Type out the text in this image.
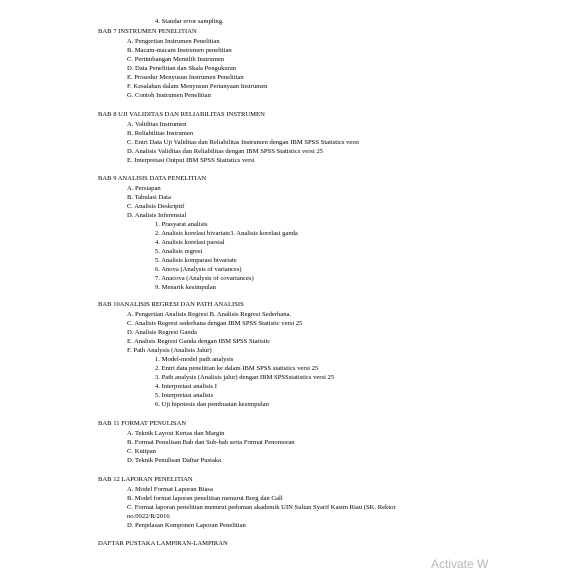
4. Standar error sampling.
BAB 7 INSTRUMEN PENELITIAN
A. Pengertian Instrumen Penelitian
B. Macam-macam Instrumen penelitian
C. Pertimbangan Memilih Instrumen
D. Data Penelitian dan Skala Pengukuran
E. Prosedur Menyusun Instrumen Penelitian
F. Kesalahan dalam Menyusun Pertanyaan Instrumen
G. Contoh Instrumen Penelitian
BAB 8 UJI VALIDITAS DAN RELIABILITAS INSTRUMEN
A. Validitas Instrumen
B. Reliabilitas Instrumen
C. Entri Data Uji Validitas dan Reliabilitas Instrumen dengan IBM SPSS Statistics versi
D. Analisis Validitas dan Reliabilitas dengan IBM SPSS Statistics versi 25
E. Interpretasi Output IBM SPSS Statistics versi
BAB 9 ANALISIS DATA PENELITIAN
A. Persiapan
B. Tabulasi Data
C. Analisis Deskriptif
D. Analisis Inferensial
1. Prasyarat analisis
2. Analisis korelasi bivariate3. Analisis korelasi ganda
4. Analisis korelasi parsial
5. Analisis regresi
5. Analisis komparasi bivariate
6. Anova (Analysis of variances)
7. Anacova (Analysis of covariances)
9. Menarik kesimpulan
BAB 10ANALISIS REGRESI DAN PATH ANALISIS
A. Pengertian Analisis Regresi B. Analisis Regresi Sederhana.
C. Analisis Regresi sederhana dengan IBM SPSS Statistic versi 25
D. Analisis Regresi Ganda
E. Analisis Regresi Ganda dengan IBM SPSS Statistic
F. Path Analysis (Analisis Jalur)
1. Model-model path analysis
2. Entri data penelitian ke dalam IBM SPSS statistics versi 25
3. Path analysis (Analisis jalur) dengan IBM SPSSstatistics versi 25
4. Interpretasi analisis I
5. Interpretasi analisis
6. Uji hipotesis dan pembuatan kesimpulan
BAB 11 FORMAT PENULISAN
A. Teknik Layout Kertas dan Margin
B. Format Penulisan Bab dan Sub-bab serta Format Penomoran
C. Kutipan
D. Teknik Penulisan Daftar Pustaka
BAB 12 LAPORAN PENELITIAN
A. Model Format Laporan Biasa
B. Model format laporan penelitian menurut Borg dan Gall
C. Format laporan penelitian menurut pedoman akademik UIN Sultan Syarif Kasim Riau (SK. Rektor
no.0922/R/2016
D. Penjelasan Komponen Laporan Penelitian
DAFTAR PUSTAKA LAMPIRAN-LAMPIRAN
Activate W
